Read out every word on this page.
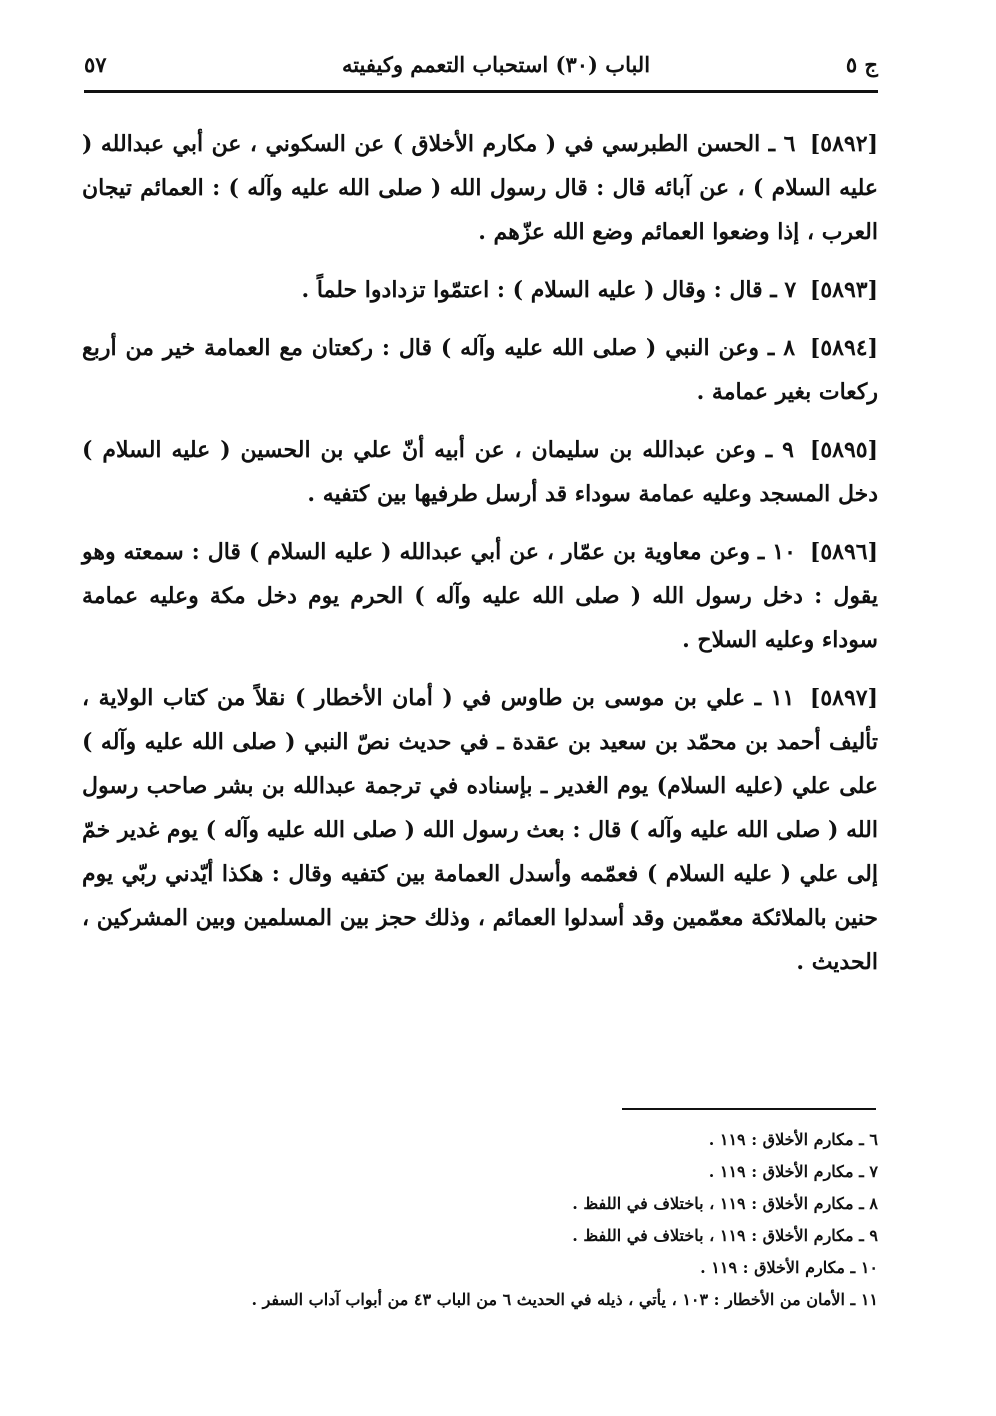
ج ٥
الباب (٣٠) استحباب التعمم وكيفيته
٥٧

[٥٨٩٢] ٦ ـ الحسن الطبرسي في ( مكارم الأخلاق ) عن السكوني ، عن أبي عبدالله ( عليه السلام ) ، عن آبائه قال : قال رسول الله ( صلى الله عليه وآله ) : العمائم تيجان العرب ، إذا وضعوا العمائم وضع الله عزّهم .

[٥٨٩٣] ٧ ـ قال : وقال ( عليه السلام ) : اعتمّوا تزدادوا حلماً .

[٥٨٩٤] ٨ ـ وعن النبي ( صلى الله عليه وآله ) قال : ركعتان مع العمامة خير من أربع ركعات بغير عمامة .

[٥٨٩٥] ٩ ـ وعن عبدالله بن سليمان ، عن أبيه أنّ علي بن الحسين ( عليه السلام ) دخل المسجد وعليه عمامة سوداء قد أرسل طرفيها بين كتفيه .

[٥٨٩٦] ١٠ ـ وعن معاوية بن عمّار ، عن أبي عبدالله ( عليه السلام ) قال : سمعته وهو يقول : دخل رسول الله ( صلى الله عليه وآله ) الحرم يوم دخل مكة وعليه عمامة سوداء وعليه السلاح .

[٥٨٩٧] ١١ ـ علي بن موسى بن طاوس في ( أمان الأخطار ) نقلاً من كتاب الولاية ، تأليف أحمد بن محمّد بن سعيد بن عقدة ـ في حديث نصّ النبي ( صلى الله عليه وآله ) على علي (عليه السلام) يوم الغدير ـ بإسناده في ترجمة عبدالله بن بشر صاحب رسول الله ( صلى الله عليه وآله ) قال : بعث رسول الله ( صلى الله عليه وآله ) يوم غدير خمّ إلى علي ( عليه السلام ) فعمّمه وأسدل العمامة بين كتفيه وقال : هكذا أيّدني ربّي يوم حنين بالملائكة معمّمين وقد أسدلوا العمائم ، وذلك حجز بين المسلمين وبين المشركين ، الحديث .

٦ ـ مكارم الأخلاق : ١١٩ .
٧ ـ مكارم الأخلاق : ١١٩ .
٨ ـ مكارم الأخلاق : ١١٩ ، باختلاف في اللفظ .
٩ ـ مكارم الأخلاق : ١١٩ ، باختلاف في اللفظ .
١٠ ـ مكارم الأخلاق : ١١٩ .
١١ ـ الأمان من الأخطار : ١٠٣ ، يأتي ، ذيله في الحديث ٦ من الباب ٤٣ من أبواب آداب السفر .
